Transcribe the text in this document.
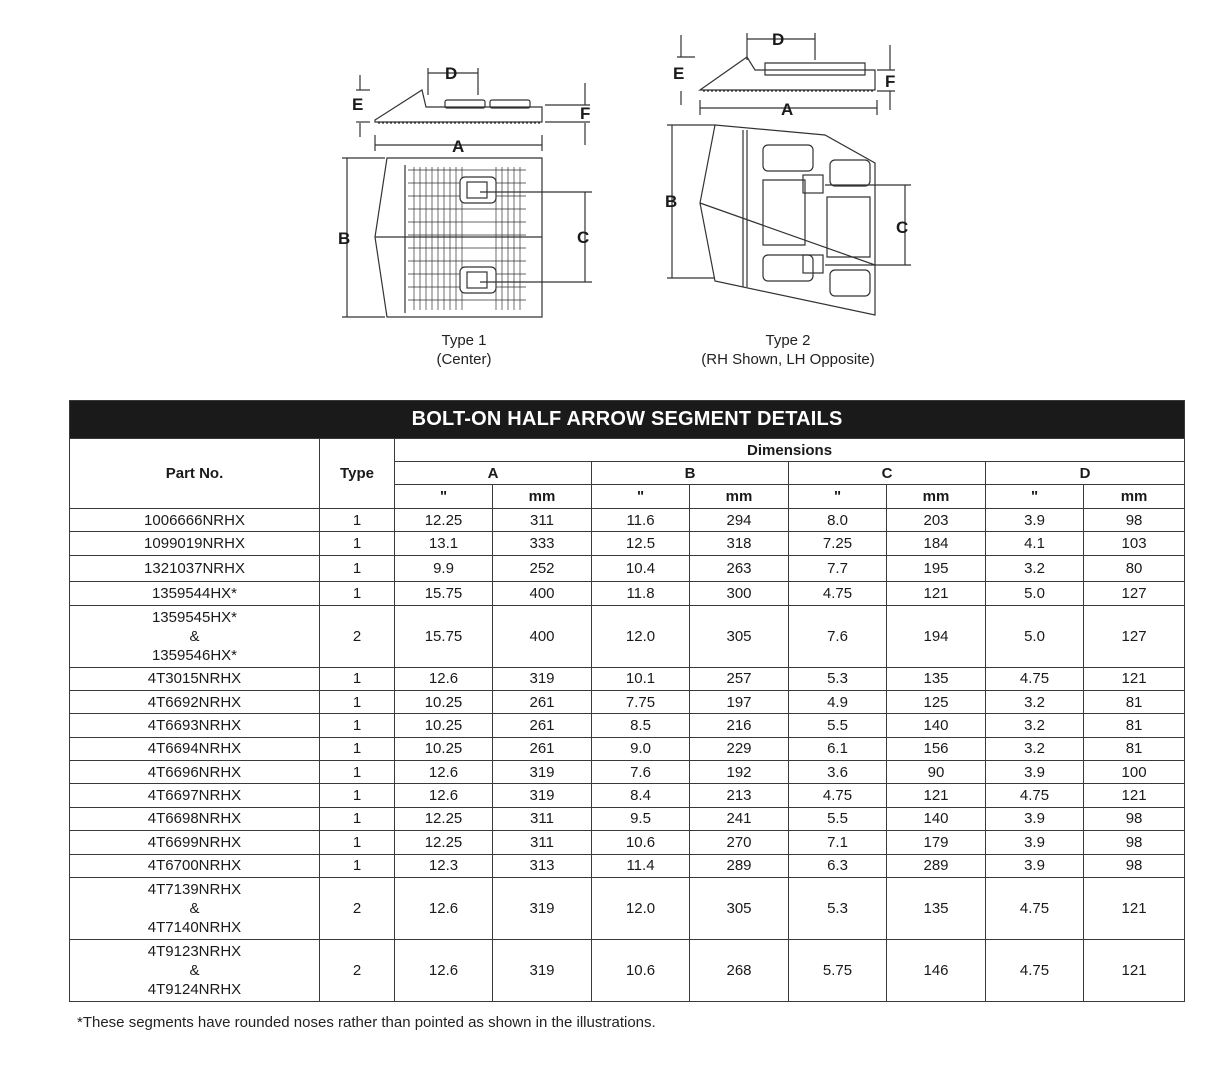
E	F
D
A
B	C
Type 1
(Center)
E	F
D
A
B
C
Type 2
(RH Shown, LH Opposite)
BOLT-ON HALF ARROW SEGMENT DETAILS									
Part No.	Type	Dimensions							
		A		B		C		D	
		"	mm	"	mm	"	mm	"	mm

1006666NRHX	1	12.25	311	11.6	294	8.0	203	3.9	98

1099019NRHX	1	13.1	333	12.5	318	7.25	184	4.1	103

1321037NRHX	1	9.9	252	10.4	263	7.7	195	3.2	80

1359544HX*	1	15.75	400	11.8	300	4.75	121	5.0	127

1359545HX*
&
1359546HX*	2	15.75	400	12.0	305	7.6	194	5.0	127

4T3015NRHX	1	12.6	319	10.1	257	5.3	135	4.75	121

4T6692NRHX	1	10.25	261	7.75	197	4.9	125	3.2	81

4T6693NRHX	1	10.25	261	8.5	216	5.5	140	3.2	81

4T6694NRHX	1	10.25	261	9.0	229	6.1	156	3.2	81

4T6696NRHX	1	12.6	319	7.6	192	3.6	90	3.9	100

4T6697NRHX	1	12.6	319	8.4	213	4.75	121	4.75	121

4T6698NRHX	1	12.25	311	9.5	241	5.5	140	3.9	98

4T6699NRHX	1	12.25	311	10.6	270	7.1	179	3.9	98

4T6700NRHX	1	12.3	313	11.4	289	6.3	289	3.9	98

4T7139NRHX
&
4T7140NRHX	2	12.6	319	12.0	305	5.3	135	4.75	121

4T9123NRHX
&
4T9124NRHX	2	12.6	319	10.6	268	5.75	146	4.75	121
*These segments have rounded noses rather than pointed as shown in the illustrations.
